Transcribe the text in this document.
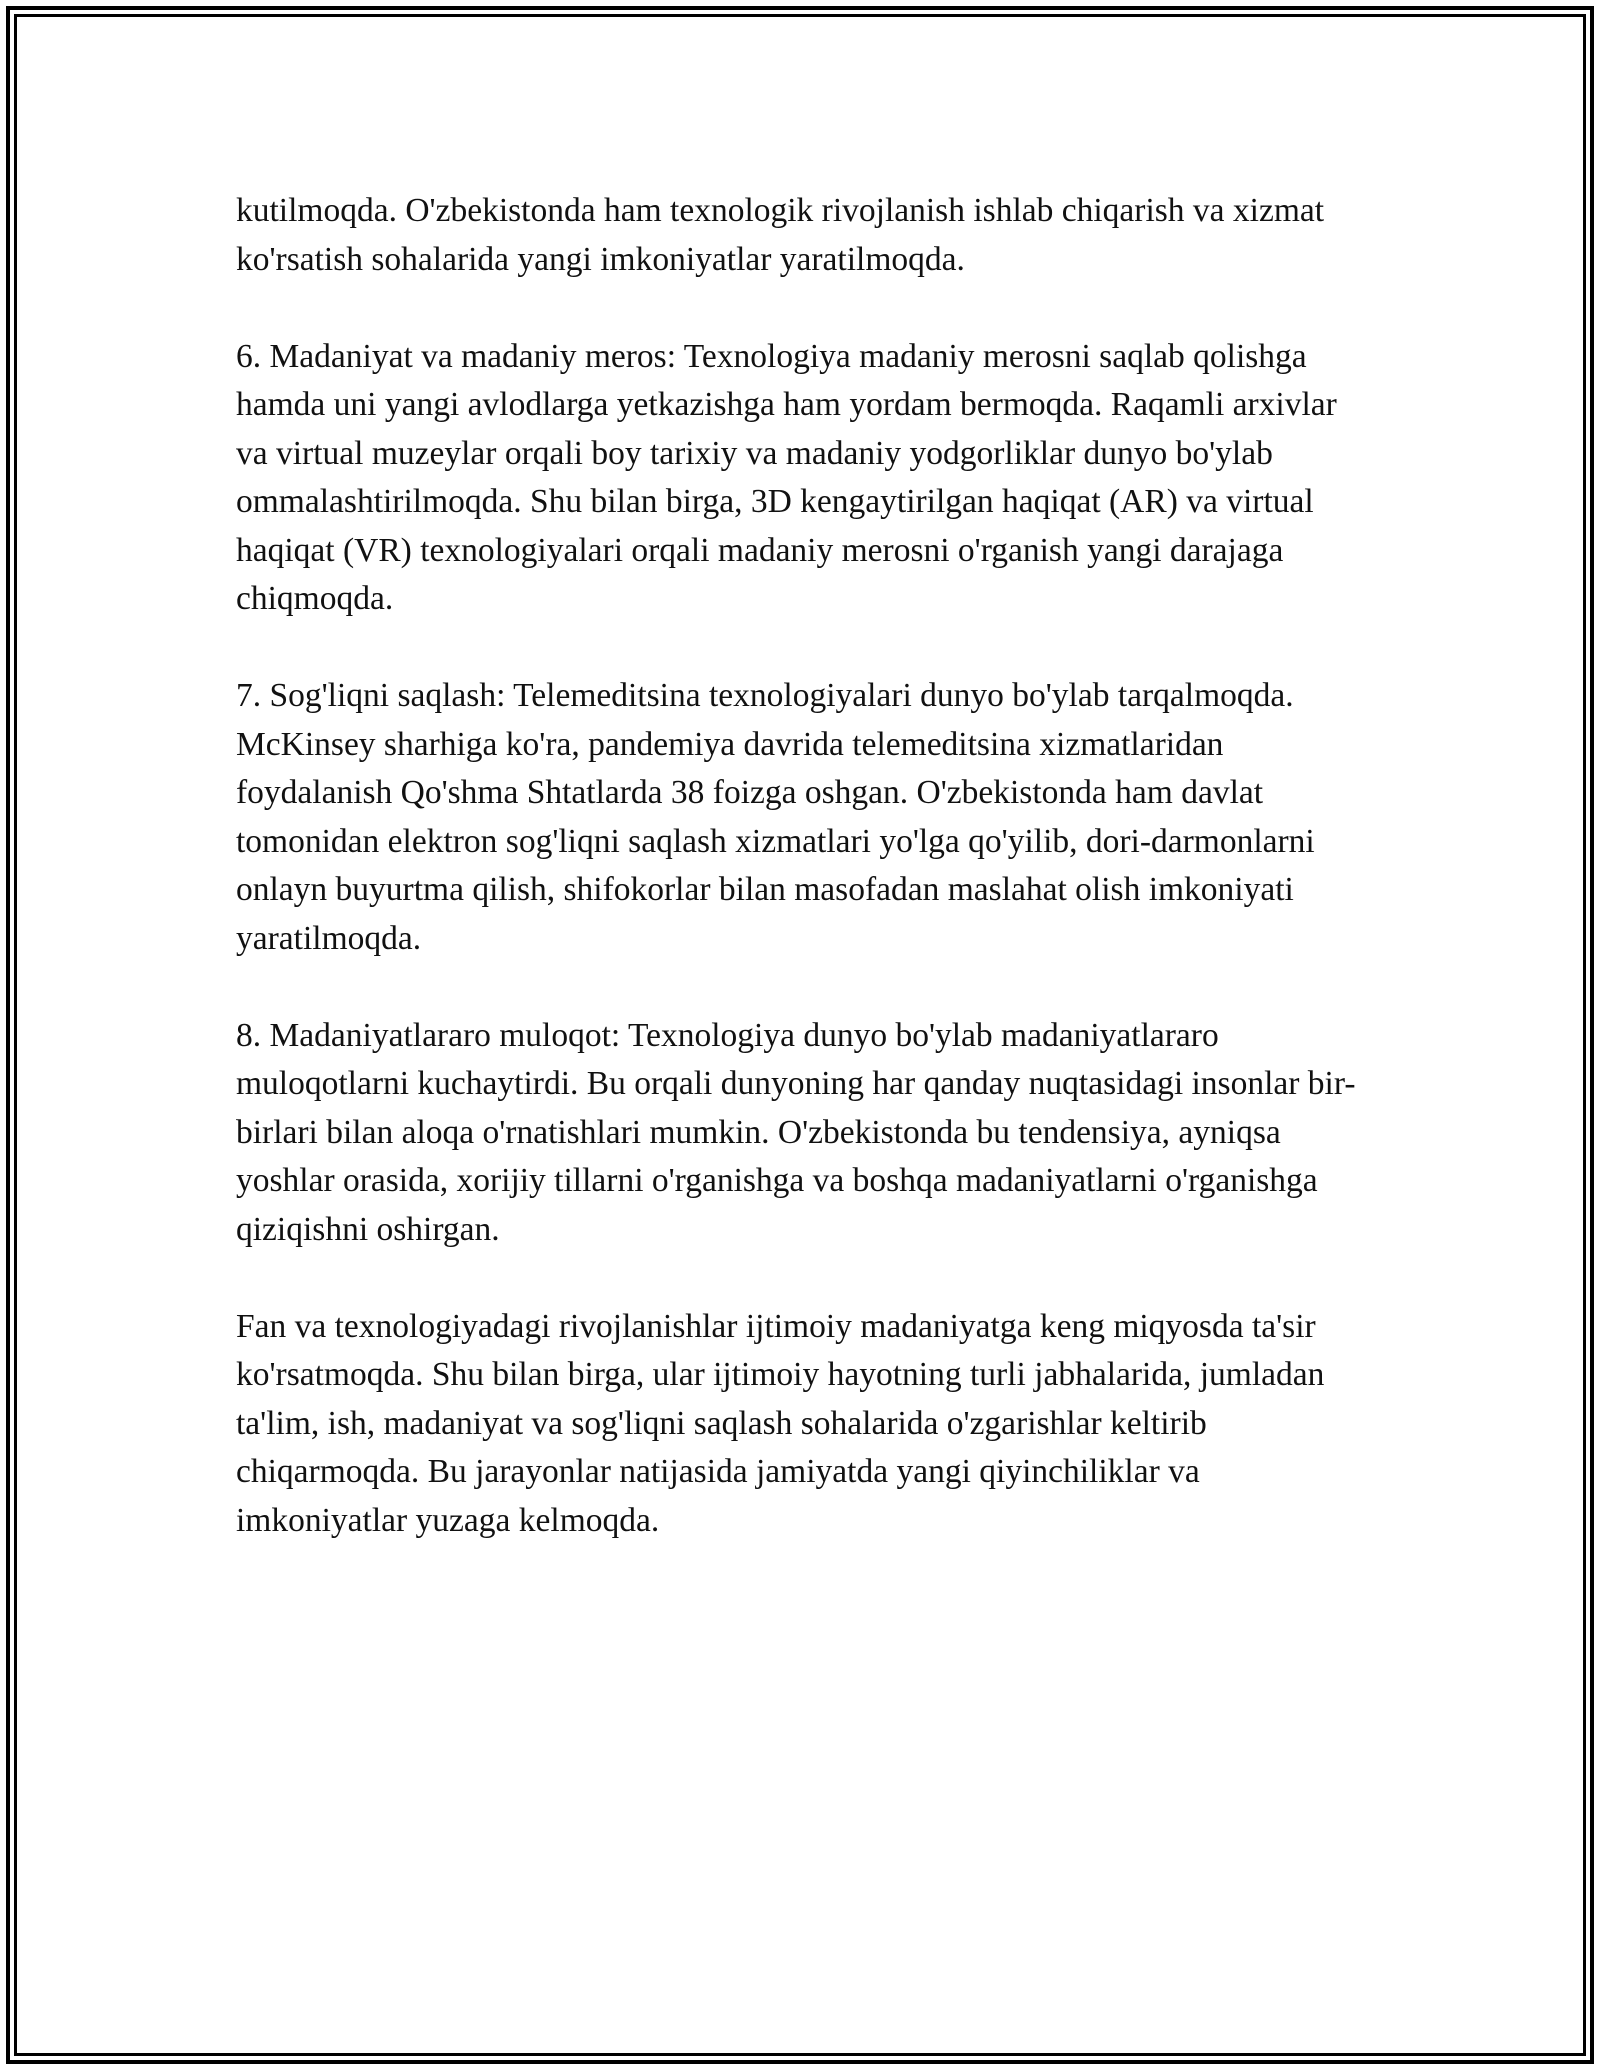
kutilmoqda. O'zbekistonda ham texnologik rivojlanish ishlab chiqarish va xizmat ko'rsatish sohalarida yangi imkoniyatlar yaratilmoqda.

6. Madaniyat va madaniy meros: Texnologiya madaniy merosni saqlab qolishga hamda uni yangi avlodlarga yetkazishga ham yordam bermoqda. Raqamli arxivlar va virtual muzeylar orqali boy tarixiy va madaniy yodgorliklar dunyo bo'ylab ommalashtirilmoqda. Shu bilan birga, 3D kengaytirilgan haqiqat (AR) va virtual haqiqat (VR) texnologiyalari orqali madaniy merosni o'rganish yangi darajaga chiqmoqda.

7. Sog'liqni saqlash: Telemeditsina texnologiyalari dunyo bo'ylab tarqalmoqda. McKinsey sharhiga ko'ra, pandemiya davrida telemeditsina xizmatlaridan foydalanish Qo'shma Shtatlarda 38 foizga oshgan. O'zbekistonda ham davlat tomonidan elektron sog'liqni saqlash xizmatlari yo'lga qo'yilib, dori-darmonlarni onlayn buyurtma qilish, shifokorlar bilan masofadan maslahat olish imkoniyati yaratilmoqda.

8. Madaniyatlararo muloqot: Texnologiya dunyo bo'ylab madaniyatlararo muloqotlarni kuchaytirdi. Bu orqali dunyoning har qanday nuqtasidagi insonlar bir-birlari bilan aloqa o'rnatishlari mumkin. O'zbekistonda bu tendensiya, ayniqsa yoshlar orasida, xorijiy tillarni o'rganishga va boshqa madaniyatlarni o'rganishga qiziqishni oshirgan.

Fan va texnologiyadagi rivojlanishlar ijtimoiy madaniyatga keng miqyosda ta'sir ko'rsatmoqda. Shu bilan birga, ular ijtimoiy hayotning turli jabhalarida, jumladan ta'lim, ish, madaniyat va sog'liqni saqlash sohalarida o'zgarishlar keltirib chiqarmoqda. Bu jarayonlar natijasida jamiyatda yangi qiyinchiliklar va imkoniyatlar yuzaga kelmoqda.
